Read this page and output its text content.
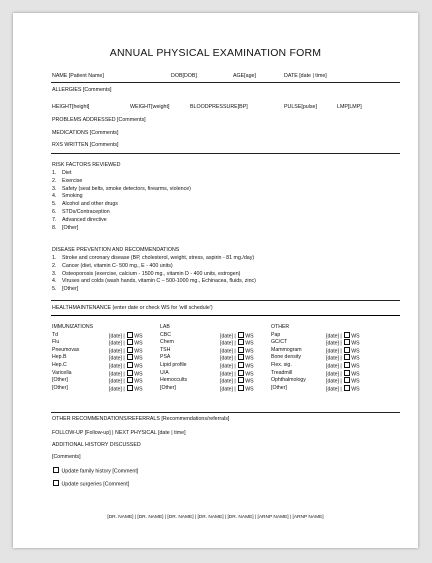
ANNUAL PHYSICAL EXAMINATION FORM
NAME [Patient Name]	DOB[DOB]	AGE[age]	DATE [date | time]
ALLERGIES [Comments]
HEIGHT[height]	WEIGHT[weight]	BLOODPRESSURE[BP]	PULSE[pulse]	LMP[LMP]
PROBLEMS ADDRESSED [Comments]
MEDICATIONS [Comments]
RXS WRITTEN [Comments]
RISK FACTORS REVIEWED
1. Diet
2. Exercise
3. Safety (seat belts, smoke detectors, firearms, violence)
4. Smoking
5. Alcohol and other drugs
6. STDs/Contraception
7. Advanced directive
8. [Other]
DISEASE PREVENTION AND RECOMMENDATIONS
1. Stroke and coronary disease (BP, cholesterol, weight, stress, aspirin - 81 mg./day)
2. Cancer (diet, vitamin C- 500 mg., E - 400 units)
3. Osteoporosis (exercise, calcium - 1500 mg., vitamin D - 400 units, estrogen)
4. Viruses and colds (wash hands, vitamin C – 500-1000 mg., Echinacea, fluids, zinc)
5. [Other]
HEALTHMAINTENANCE (enter date or check WS for 'will schedule')
IMMUNIZATIONS	LAB	OTHER
Td	[date] | WS	CBC	[date] | WS	Pap	[date] | WS
Flu	[date] | WS	Chem	[date] | WS	GC/CT	[date] | WS
Pneumovax	[date] | WS	TSH	[date] | WS	Mammogram	[date] | WS
Hep.B	[date] | WS	PSA	[date] | WS	Bone density	[date] | WS
Hep.C	[date] | WS	Lipid profile	[date] | WS	Flex. sig.	[date] | WS
Varicella	[date] | WS	U/A	[date] | WS	Treadmill	[date] | WS
[Other]	[date] | WS	Hemoccults	[date] | WS	Ophthalmology	[date] | WS
[Other]	[date] | WS	[Other]	[date] | WS	[Other]	[date] | WS
OTHER RECOMMENDATIONS/REFERRALS [Recommendations/referrals]
FOLLOW-UP [Follow-up] | NEXT PHYSICAL [date | time]
ADDITIONAL HISTORY DISCUSSED
[Comments]
Update family history [Comment]
Update surgeries [Comment]
[DR. NAME] | [DR. NAME] | [DR. NAME] | [DR. NAME] | [DR. NAME] | [ARNP NAME] | [ARNP NAME]
